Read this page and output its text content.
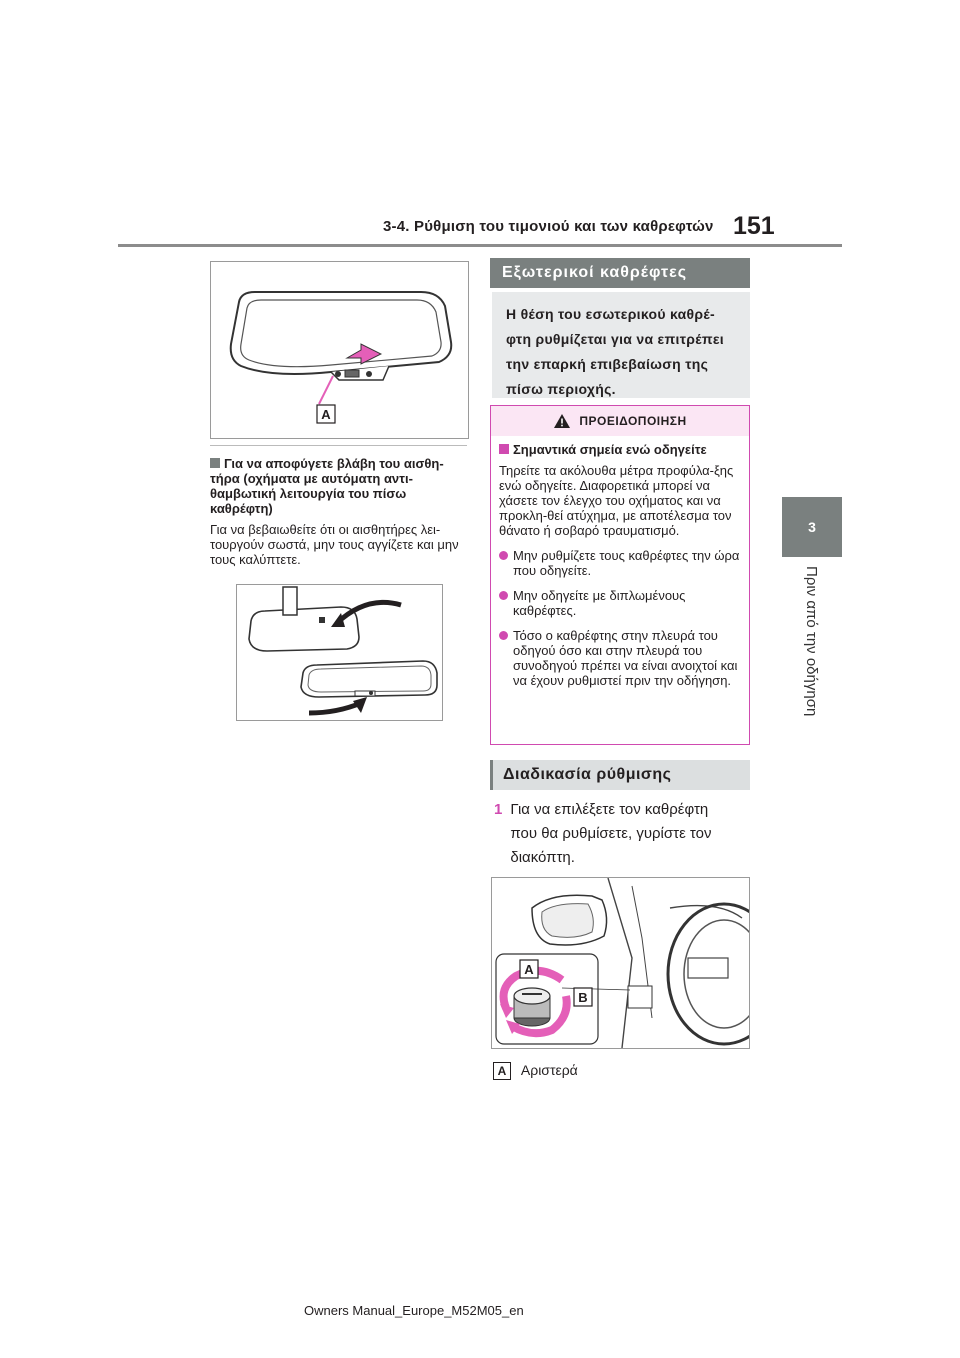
3-4. Ρύθμιση του τιμονιού και των καθρεφτών 151
3
Πριν από την οδήγηση
A
Για να αποφύγετε βλάβη του αισθη-τήρα (οχήματα με αυτόματη αντι-θαμβωτική λειτουργία του πίσω καθρέφτη)
Για να βεβαιωθείτε ότι οι αισθητήρες λει-τουργούν σωστά, μην τους αγγίζετε και μην τους καλύπτετε.
Εξωτερικοί καθρέφτες
Η θέση του εσωτερικού καθρέ-φτη ρυθμίζεται για να επιτρέπει την επαρκή επιβεβαίωση της πίσω περιοχής.
ΠΡΟΕΙΔΟΠΟΙΗΣΗ
Σημαντικά σημεία ενώ οδηγείτε
Τηρείτε τα ακόλουθα μέτρα προφύλα-ξης ενώ οδηγείτε. Διαφορετικά μπορεί να χάσετε τον έλεγχο του οχήματος και να προκλη-θεί ατύχημα, με αποτέλεσμα τον θάνατο ή σοβαρό τραυματισμό.
Μην ρυθμίζετε τους καθρέφτες την ώρα που οδηγείτε.
Μην οδηγείτε με διπλωμένους καθρέφτες.
Τόσο ο καθρέφτης στην πλευρά του οδηγού όσο και στην πλευρά του συνοδηγού πρέπει να είναι ανοιχτοί και να έχουν ρυθμιστεί πριν την οδήγηση.
Διαδικασία ρύθμισης
1 Για να επιλέξετε τον καθρέφτη που θα ρυθμίσετε, γυρίστε τον διακόπτη.
A
B
A Αριστερά
Owners Manual_Europe_M52M05_en
